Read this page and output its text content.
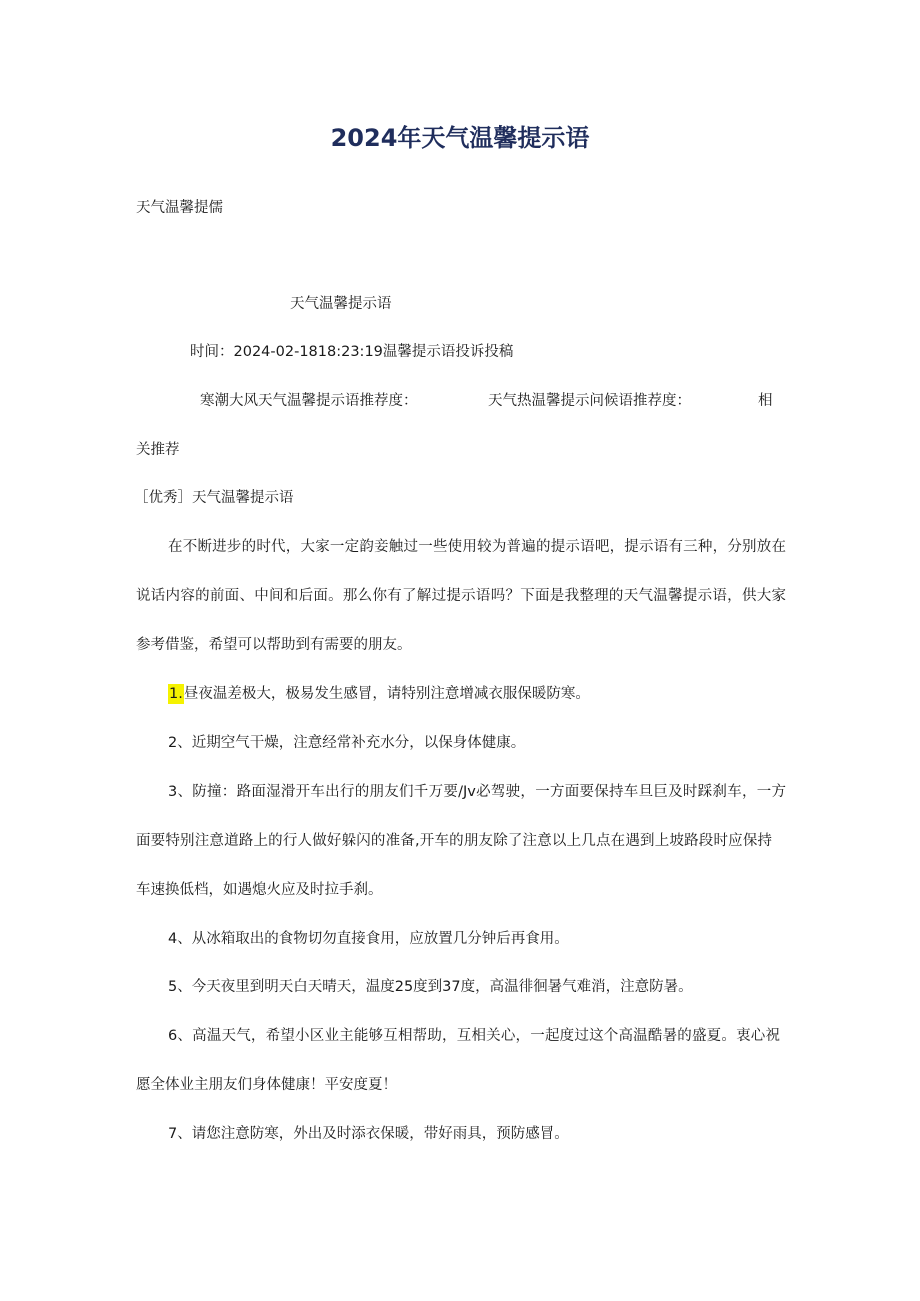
2024年天气温馨提示语
天气温馨提儒
天气温馨提示语
时间：2024-02-1818:23:19温馨提示语投诉投稿
寒潮大风天气温馨提示语推荐度：	天气热温馨提示问候语推荐度：	相
关推荐
［优秀］天气温馨提示语
在不断进步的时代，大家一定韵妾触过一些使用较为普遍的提示语吧，提示语有三种，分别放在
说话内容的前面、中间和后面。那么你有了解过提示语吗？下面是我整理的天气温馨提示语，供大家
参考借鉴，希望可以帮助到有需要的朋友。
1.昼夜温差极大，极易发生感冒，请特别注意增减衣服保暖防寒。
2、近期空气干燥，注意经常补充水分，以保身体健康。
3、防撞：路面湿滑开车出行的朋友们千万要/Jv必驾驶，一方面要保持车旦巨及时踩刹车，一方
面要特别注意道路上的行人做好躲闪的准备,开车的朋友除了注意以上几点在遇到上坡路段时应保持
车速换低档，如遇熄火应及时拉手刹。
4、从冰箱取出的食物切勿直接食用，应放置几分钟后再食用。
5、今天夜里到明天白天晴天，温度25度到37度，高温徘徊暑气难消，注意防暑。
6、高温天气，希望小区业主能够互相帮助，互相关心，一起度过这个高温酷暑的盛夏。衷心祝
愿全体业主朋友们身体健康！平安度夏！
7、请您注意防寒，外出及时添衣保暖，带好雨具，预防感冒。
